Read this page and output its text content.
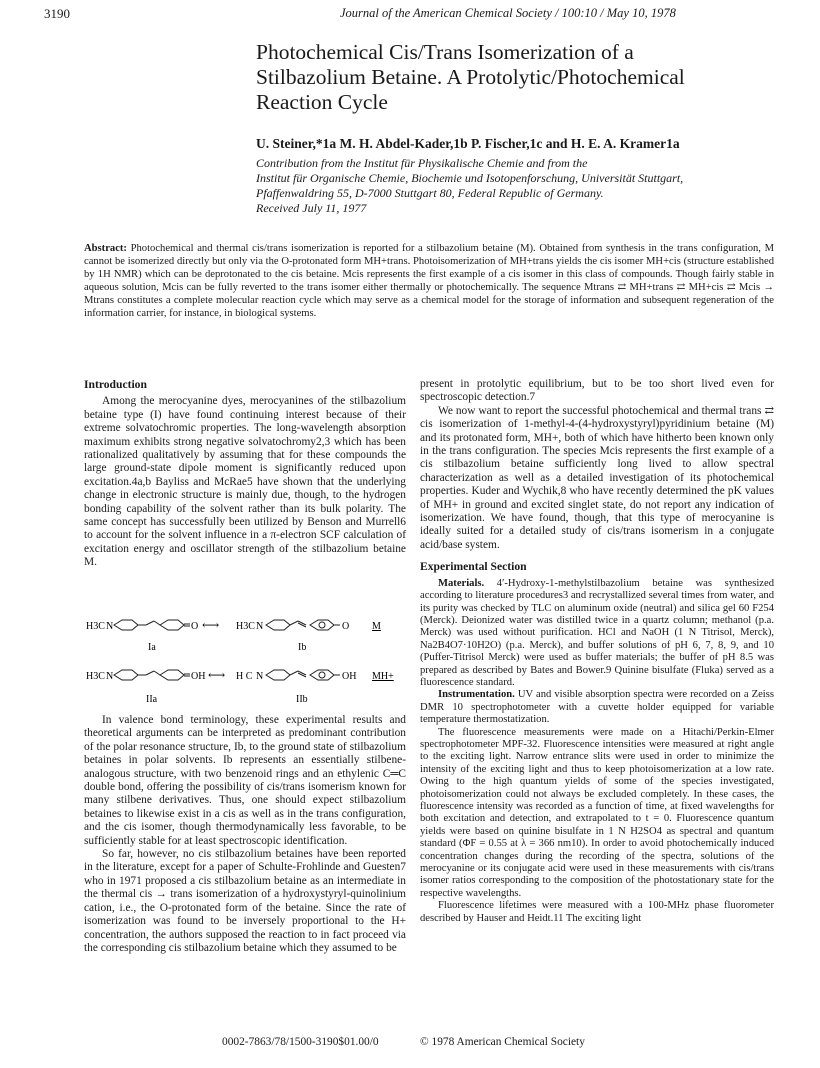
3190	Journal of the American Chemical Society / 100:10 / May 10, 1978
Photochemical Cis/Trans Isomerization of a
Stilbazolium Betaine. A Protolytic/Photochemical
Reaction Cycle
U. Steiner,*1a M. H. Abdel-Kader,1b P. Fischer,1c and H. E. A. Kramer1a
Contribution from the Institut für Physikalische Chemie and from the
Institut für Organische Chemie, Biochemie und Isotopenforschung, Universität Stuttgart,
Pfaffenwaldring 55, D-7000 Stuttgart 80, Federal Republic of Germany.
Received July 11, 1977
Abstract: Photochemical and thermal cis/trans isomerization is reported for a stilbazolium betaine (M). Obtained from synthesis in the trans configuration, M cannot be isomerized directly but only via the O-protonated form MH+trans. Photoisomerization of MH+trans yields the cis isomer MH+cis (structure established by 1H NMR) which can be deprotonated to the cis betaine. Mcis represents the first example of a cis isomer in this class of compounds. Though fairly stable in aqueous solution, Mcis can be fully reverted to the trans isomer either thermally or photochemically. The sequence Mtrans ⇄ MH+trans ⇄ MH+cis ⇄ Mcis → Mtrans constitutes a complete molecular reaction cycle which may serve as a chemical model for the storage of information and subsequent regeneration of the information carrier, for instance, in biological systems.
Introduction

Among the merocyanine dyes, merocyanines of the stilbazolium betaine type (I) have found continuing interest because of their extreme solvatochromic properties. The long-wavelength absorption maximum exhibits strong negative solvatochromy2,3 which has been rationalized qualitatively by assuming that for these compounds the large ground-state dipole moment is significantly reduced upon excitation.4a,b Bayliss and McRae5 have shown that the underlying change in electronic structure is mainly due, though, to the hydrogen bonding capability of the solvent rather than its bulk polarity. The same concept has successfully been utilized by Benson and Murrell6 to account for the solvent influence in a π-electron SCF calculation of excitation energy and oscillator strength of the stilbazolium betaine M.

H3C N	O ⟷ H3C N	O M
Ia	Ib
H3C N	OH ⟷ H C N	OH MH+
IIa	IIb

In valence bond terminology, these experimental results and theoretical arguments can be interpreted as predominant contribution of the polar resonance structure, Ib, to the ground state of stilbazolium betaines in polar solvents. Ib represents an essentially stilbene-analogous structure, with two benzenoid rings and an ethylenic C═C double bond, offering the possibility of cis/trans isomerism known for many stilbene derivatives. Thus, one should expect stilbazolium betaines to likewise exist in a cis as well as in the trans configuration, and the cis isomer, though thermodynamically less favorable, to be sufficiently stable for at least spectroscopic identification.

So far, however, no cis stilbazolium betaines have been reported in the literature, except for a paper of Schulte-Frohlinde and Guesten7 who in 1971 proposed a cis stilbazolium betaine as an intermediate in the thermal cis → trans isomerization of a hydroxystyryl-quinolinium cation, i.e., the O-protonated form of the betaine. Since the rate of isomerization was found to be inversely proportional to the H+ concentration, the authors supposed the reaction to in fact proceed via the corresponding cis stilbazolium betaine which they assumed to be

present in protolytic equilibrium, but to be too short lived even for spectroscopic detection.7

We now want to report the successful photochemical and thermal trans ⇄ cis isomerization of 1-methyl-4-(4-hydroxystyryl)pyridinium betaine (M) and its protonated form, MH+, both of which have hitherto been known only in the trans configuration. The species Mcis represents the first example of a cis stilbazolium betaine sufficiently long lived to allow spectral characterization as well as a detailed investigation of its photochemical properties. Kuder and Wychik,8 who have recently determined the pK values of MH+ in ground and excited singlet state, do not report any indication of isomerization. We have found, though, that this type of merocyanine is ideally suited for a detailed study of cis/trans isomerism in a conjugate acid/base system.

Experimental Section

Materials. 4′-Hydroxy-1-methylstilbazolium betaine was synthesized according to literature procedures3 and recrystallized several times from water, and its purity was checked by TLC on aluminum oxide (neutral) and silica gel 60 F254 (Merck). Deionized water was distilled twice in a quartz column; methanol (p.a. Merck) was used without purification. HCl and NaOH (1 N Titrisol, Merck), Na2B4O7·10H2O) (p.a. Merck), and buffer solutions of pH 6, 7, 8, 9, and 10 (Puffer-Titrisol Merck) were used as buffer materials; the buffer of pH 8.5 was prepared as described by Bates and Bower.9 Quinine bisulfate (Fluka) served as a fluorescence standard.

Instrumentation. UV and visible absorption spectra were recorded on a Zeiss DMR 10 spectrophotometer with a cuvette holder equipped for variable temperature thermostatization.

The fluorescence measurements were made on a Hitachi/Perkin-Elmer spectrophotometer MPF-32. Fluorescence intensities were measured at right angle to the exciting light. Narrow entrance slits were used in order to minimize the intensity of the exciting light and thus to keep photoisomerization at a low rate. Owing to the high quantum yields of some of the species investigated, photoisomerization could not always be excluded completely. In these cases, the fluorescence intensity was recorded as a function of time, at fixed wavelengths for both excitation and detection, and extrapolated to t = 0. Fluorescence quantum yields were based on quinine bisulfate in 1 N H2SO4 as spectral and quantum standard (ΦF = 0.55 at λ = 366 nm10). In order to avoid photochemically induced concentration changes during the recording of the spectra, solutions of the merocyanine or its conjugate acid were used in these measurements with cis/trans isomer ratios corresponding to the composition of the photostationary state for the respective wavelengths.

Fluorescence lifetimes were measured with a 100-MHz phase fluorometer described by Hauser and Heidt.11 The exciting light

0002-7863/78/1500-3190$01.00/0	© 1978 American Chemical Society
